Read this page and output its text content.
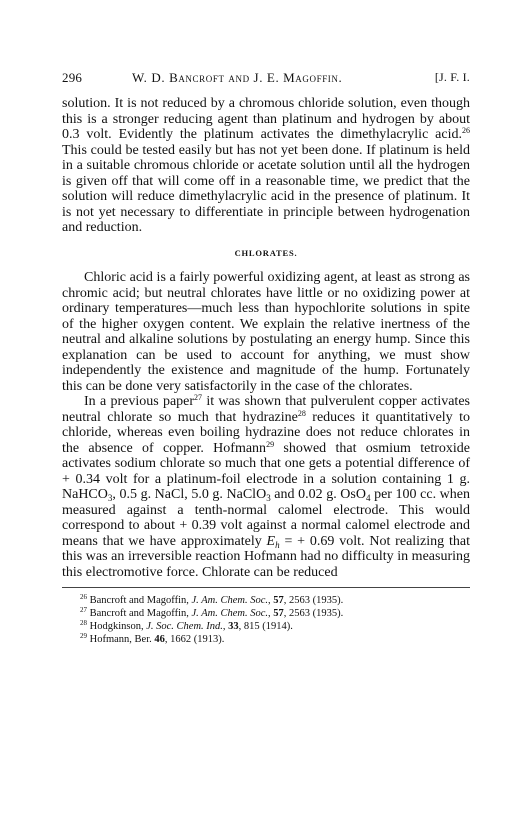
296	W. D. Bancroft and J. E. Magoffin.	[J. F. I.

solution. It is not reduced by a chromous chloride solution, even though this is a stronger reducing agent than platinum and hydrogen by about 0.3 volt. Evidently the platinum activates the dimethylacrylic acid.$^{26}$ This could be tested easily but has not yet been done. If platinum is held in a suitable chromous chloride or acetate solution until all the hydrogen is given off that will come off in a reasonable time, we predict that the solution will reduce dimethylacrylic acid in the presence of platinum. It is not yet necessary to differentiate in principle between hydrogenation and reduction.

CHLORATES.

Chloric acid is a fairly powerful oxidizing agent, at least as strong as chromic acid; but neutral chlorates have little or no oxidizing power at ordinary temperatures—much less than hypochlorite solutions in spite of the higher oxygen content. We explain the relative inertness of the neutral and alkaline solutions by postulating an energy hump. Since this explanation can be used to account for anything, we must show independently the existence and magnitude of the hump. Fortunately this can be done very satisfactorily in the case of the chlorates.

In a previous paper$^{27}$ it was shown that pulverulent copper activates neutral chlorate so much that hydrazine$^{28}$ reduces it quantitatively to chloride, whereas even boiling hydrazine does not reduce chlorates in the absence of copper. Hofmann$^{29}$ showed that osmium tetroxide activates sodium chlorate so much that one gets a potential difference of + 0.34 volt for a platinum-foil electrode in a solution containing 1 g. NaHCO$_3$, 0.5 g. NaCl, 5.0 g. NaClO$_3$ and 0.02 g. OsO$_4$ per 100 cc. when measured against a tenth-normal calomel electrode. This would correspond to about + 0.39 volt against a normal calomel electrode and means that we have approximately $E_h$ = + 0.69 volt. Not realizing that this was an irreversible reaction Hofmann had no difficulty in measuring this electromotive force. Chlorate can be reduced

$^{26}$ Bancroft and Magoffin, J. Am. Chem. Soc., 57, 2563 (1935).
$^{27}$ Bancroft and Magoffin, J. Am. Chem. Soc., 57, 2563 (1935).
$^{28}$ Hodgkinson, J. Soc. Chem. Ind., 33, 815 (1914).
$^{29}$ Hofmann, Ber. 46, 1662 (1913).
